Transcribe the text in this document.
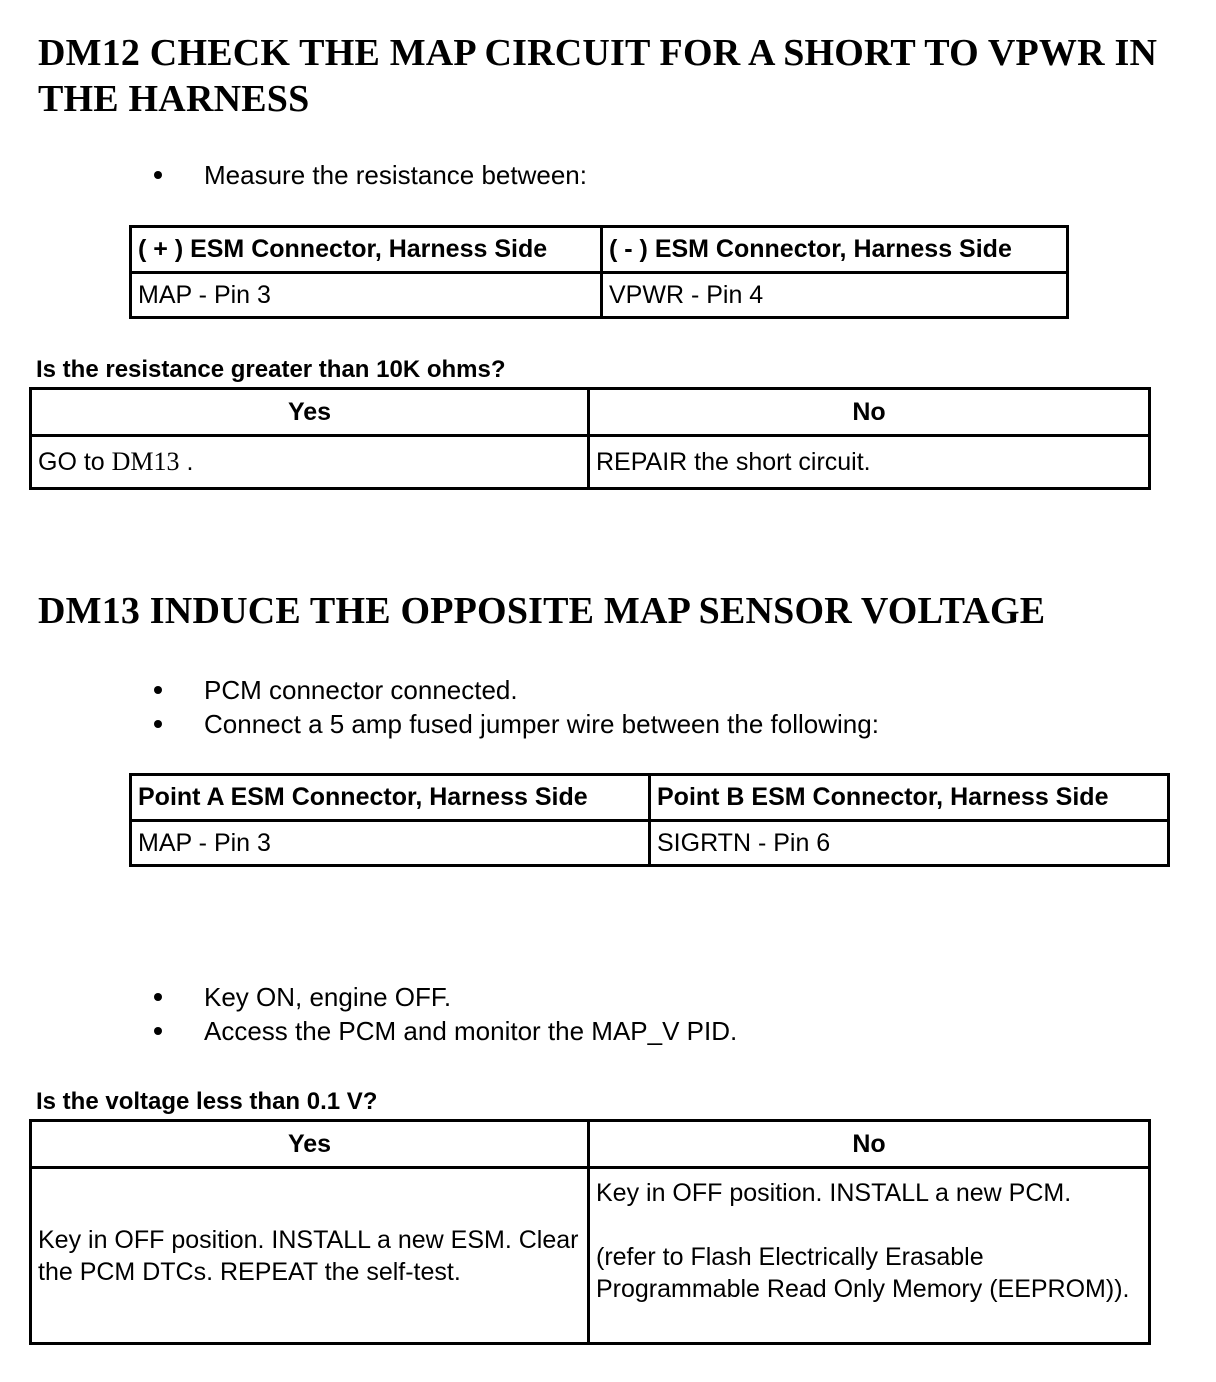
DM12 CHECK THE MAP CIRCUIT FOR A SHORT TO VPWR IN
THE HARNESS
Measure the resistance between:
( + ) ESM Connector, Harness Side	( - ) ESM Connector, Harness Side
MAP - Pin 3	VPWR - Pin 4
Is the resistance greater than 10K ohms?
Yes	No
GO to DM13 .	REPAIR the short circuit.
DM13 INDUCE THE OPPOSITE MAP SENSOR VOLTAGE
PCM connector connected.
Connect a 5 amp fused jumper wire between the following:
Point A ESM Connector, Harness Side	Point B ESM Connector, Harness Side
MAP - Pin 3	SIGRTN - Pin 6
Key ON, engine OFF.
Access the PCM and monitor the MAP_V PID.
Is the voltage less than 0.1 V?
Yes	No
Key in OFF position. INSTALL a new ESM. Clear the PCM DTCs. REPEAT the self-test.	Key in OFF position. INSTALL a new PCM.
(refer to Flash Electrically Erasable Programmable Read Only Memory (EEPROM)).
